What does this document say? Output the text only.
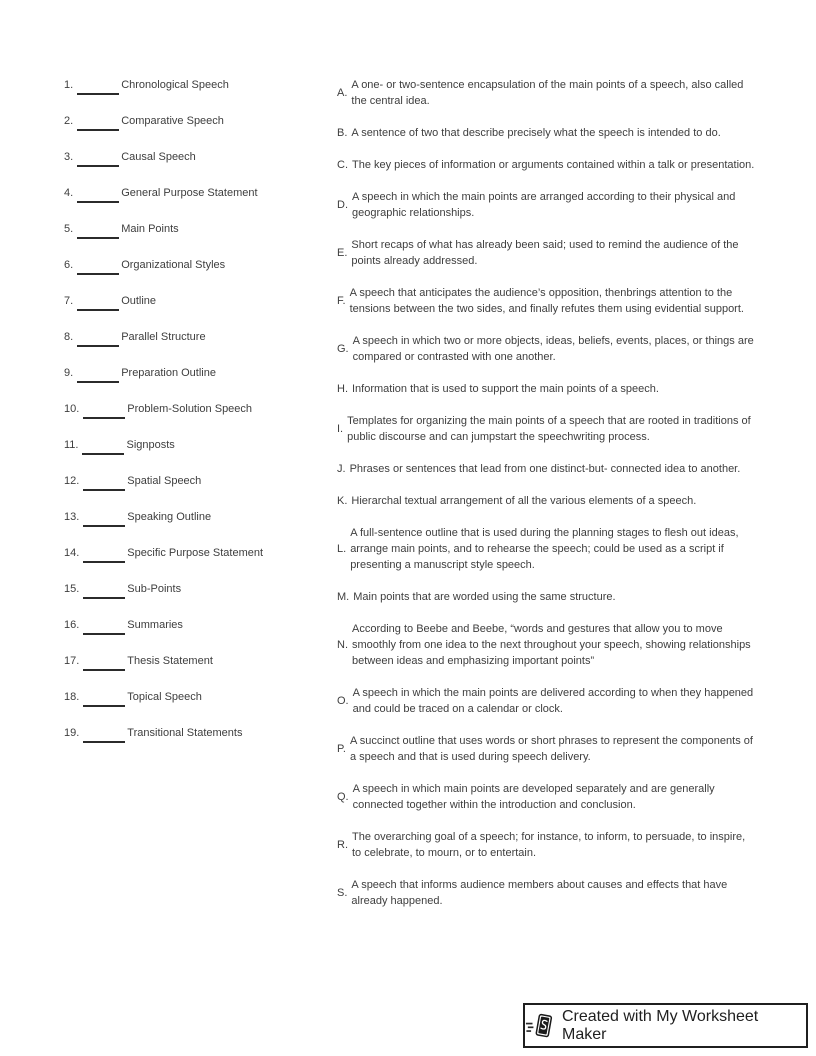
1.	Chronological Speech
2.	Comparative Speech
3.	Causal Speech
4.	General Purpose Statement
5.	Main Points
6.	Organizational Styles
7.	Outline
8.	Parallel Structure
9.	Preparation Outline
10.	Problem-Solution Speech
11.	Signposts
12.	Spatial Speech
13.	Speaking Outline
14.	Specific Purpose Statement
15.	Sub-Points
16.	Summaries
17.	Thesis Statement
18.	Topical Speech
19.	Transitional Statements
A.

A one- or two-sentence encapsulation of the main points of a speech, also called the central idea.

B. A sentence of two that describe precisely what the speech is intended to do.

C. The key pieces of information or arguments contained within a talk or presentation.

D.

A speech in which the main points are arranged according to their physical and geographic relationships.

E.

Short recaps of what has already been said; used to remind the audience of the points already addressed.

F.

A speech that anticipates the audience’s opposition, thenbrings attention to the tensions between the two sides, and finally refutes them using evidential support.

G.

A speech in which two or more objects, ideas, beliefs, events, places, or things are compared or contrasted with one another.

H. Information that is used to support the main points of a speech.

I.

Templates for organizing the main points of a speech that are rooted in traditions of public discourse and can jumpstart the speechwriting process.

J. Phrases or sentences that lead from one distinct-but- connected idea to another.

K. Hierarchal textual arrangement of all the various elements of a speech.

L.

A full-sentence outline that is used during the planning stages to flesh out ideas, arrange main points, and to rehearse the speech; could be used as a script if presenting a manuscript style speech.

M. Main points that are worded using the same structure.

N.

According to Beebe and Beebe, “words and gestures that allow you to move smoothly from one idea to the next throughout your speech, showing relationships between ideas and emphasizing important points”

O.

A speech in which the main points are delivered according to when they happened and could be traced on a calendar or clock.

P.

A succinct outline that uses words or short phrases to represent the components of a speech and that is used during speech delivery.

Q.

A speech in which main points are developed separately and are generally connected together within the introduction and conclusion.

R.

The overarching goal of a speech; for instance, to inform, to persuade, to inspire, to celebrate, to mourn, or to entertain.

S.

A speech that informs audience members about causes and effects that have already happened.

Created with My Worksheet Maker
